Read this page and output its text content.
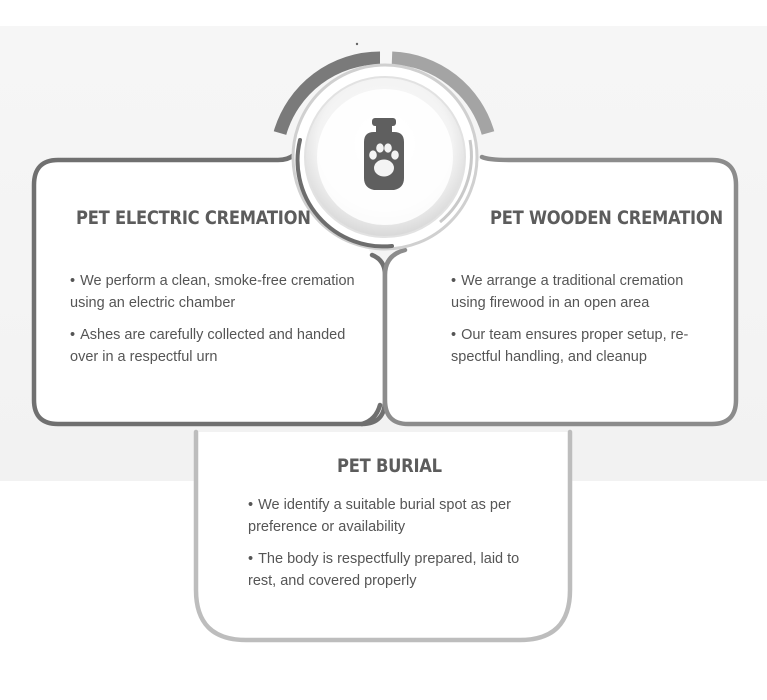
PET ELECTRIC CREMATION
• We perform a clean, smoke-free cremation using an electric chamber
• Ashes are carefully collected and handed over in a respectful urn
PET WOODEN CREMATION
• We arrange a traditional cremation using firewood in an open area
• Our team ensures proper setup, re-spectful handling, and cleanup
PET BURIAL
• We identify a suitable burial spot as per preference or availability
• The body is respectfully prepared, laid to rest, and covered properly
